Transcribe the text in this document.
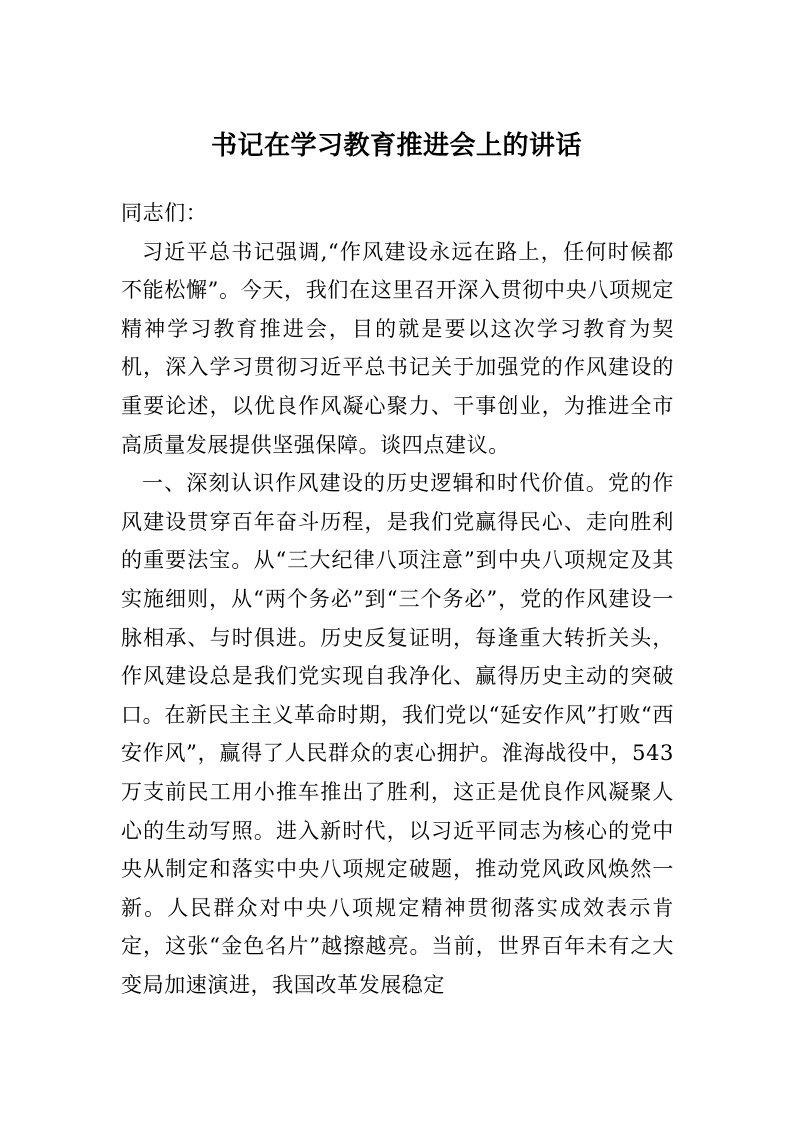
书记在学习教育推进会上的讲话

同志们：

习近平总书记强调,“作风建设永远在路上，任何时候都不能松懈”。今天，我们在这里召开深入贯彻中央八项规定精神学习教育推进会，目的就是要以这次学习教育为契机，深入学习贯彻习近平总书记关于加强党的作风建设的重要论述，以优良作风凝心聚力、干事创业，为推进全市高质量发展提供坚强保障。谈四点建议。

一、深刻认识作风建设的历史逻辑和时代价值。党的作风建设贯穿百年奋斗历程，是我们党赢得民心、走向胜利的重要法宝。从“三大纪律八项注意”到中央八项规定及其实施细则，从“两个务必”到“三个务必”，党的作风建设一脉相承、与时俱进。历史反复证明，每逢重大转折关头，作风建设总是我们党实现自我净化、赢得历史主动的突破口。在新民主主义革命时期，我们党以“延安作风”打败“西安作风”，赢得了人民群众的衷心拥护。淮海战役中，543万支前民工用小推车推出了胜利，这正是优良作风凝聚人心的生动写照。进入新时代，以习近平同志为核心的党中央从制定和落实中央八项规定破题，推动党风政风焕然一新。人民群众对中央八项规定精神贯彻落实成效表示肯定，这张“金色名片”越擦越亮。当前，世界百年未有之大变局加速演进，我国改革发展稳定
